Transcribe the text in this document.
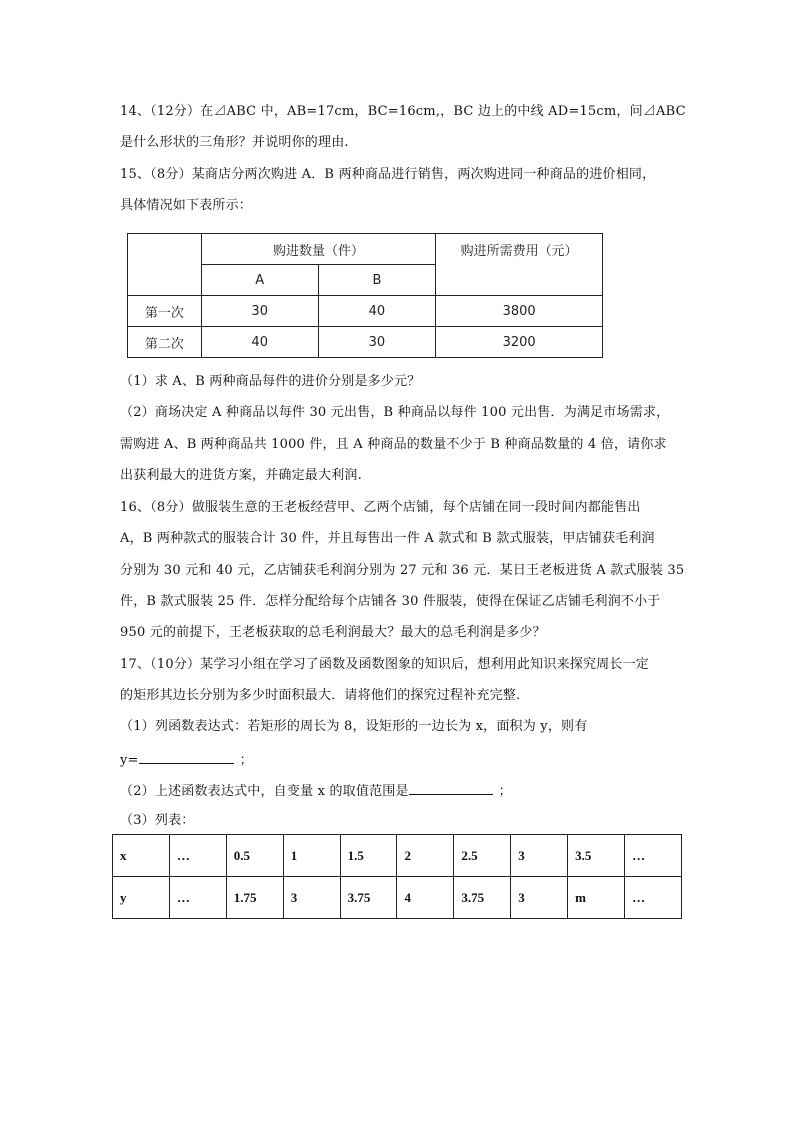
14、（12分）在⊿ABC 中，AB=17cm，BC=16cm,，BC 边上的中线 AD=15cm，问⊿ABC
是什么形状的三角形？并说明你的理由.
15、（8分）某商店分两次购进 A．B 两种商品进行销售，两次购进同一种商品的进价相同，
具体情况如下表所示：
	购进数量（件）		购进所需费用（元）
	A	B	
第一次	30	40	3800
第二次	40	30	3200
（1）求 A、B 两种商品每件的进价分别是多少元？
（2）商场决定 A 种商品以每件 30 元出售，B 种商品以每件 100 元出售．为满足市场需求，
需购进 A、B 两种商品共 1000 件，且 A 种商品的数量不少于 B 种商品数量的 4 倍，请你求
出获利最大的进货方案，并确定最大利润.
16、（8分）做服装生意的王老板经营甲、乙两个店铺，每个店铺在同一段时间内都能售出
A，B 两种款式的服装合计 30 件，并且每售出一件 A 款式和 B 款式服装，甲店铺获毛利润
分别为 30 元和 40 元，乙店铺获毛利润分别为 27 元和 36 元．某日王老板进货 A 款式服装 35
件，B 款式服装 25 件．怎样分配给每个店铺各 30 件服装，使得在保证乙店铺毛利润不小于
950 元的前提下，王老板获取的总毛利润最大？最大的总毛利润是多少？
17、（10分）某学习小组在学习了函数及函数图象的知识后，想利用此知识来探究周长一定
的矩形其边长分别为多少时面积最大．请将他们的探究过程补充完整．
（1）列函数表达式：若矩形的周长为 8，设矩形的一边长为 x，面积为 y，则有
y=	；
（2）上述函数表达式中，自变量 x 的取值范围是	；
（3）列表：
x	…	0.5	1	1.5	2	2.5	3	3.5	…
y	…	1.75	3	3.75	4	3.75	3	m	…
